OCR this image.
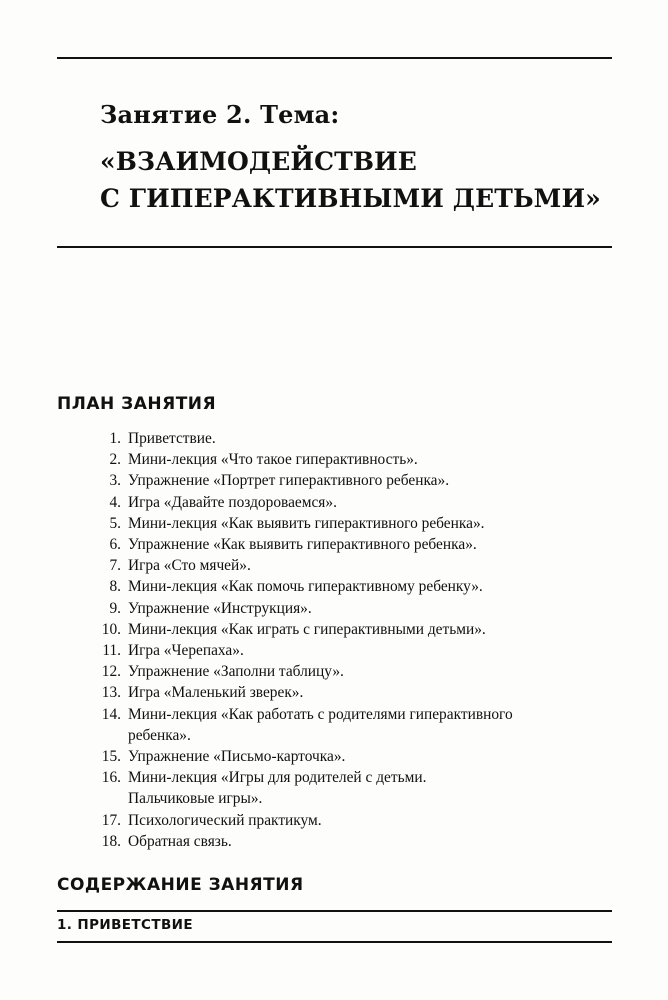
Занятие 2. Тема:
«ВЗАИМОДЕЙСТВИЕ
С ГИПЕРАКТИВНЫМИ ДЕТЬМИ»
ПЛАН ЗАНЯТИЯ
1. Приветствие.
2. Мини-лекция «Что такое гиперактивность».
3. Упражнение «Портрет гиперактивного ребенка».
4. Игра «Давайте поздороваемся».
5. Мини-лекция «Как выявить гиперактивного ребенка».
6. Упражнение «Как выявить гиперактивного ребенка».
7. Игра «Сто мячей».
8. Мини-лекция «Как помочь гиперактивному ребенку».
9. Упражнение «Инструкция».
10. Мини-лекция «Как играть с гиперактивными детьми».
11. Игра «Черепаха».
12. Упражнение «Заполни таблицу».
13. Игра «Маленький зверек».
14. Мини-лекция «Как работать с родителями гиперактивного
ребенка».
15. Упражнение «Письмо-карточка».
16. Мини-лекция «Игры для родителей с детьми.
Пальчиковые игры».
17. Психологический практикум.
18. Обратная связь.
СОДЕРЖАНИЕ ЗАНЯТИЯ
1. ПРИВЕТСТВИЕ
